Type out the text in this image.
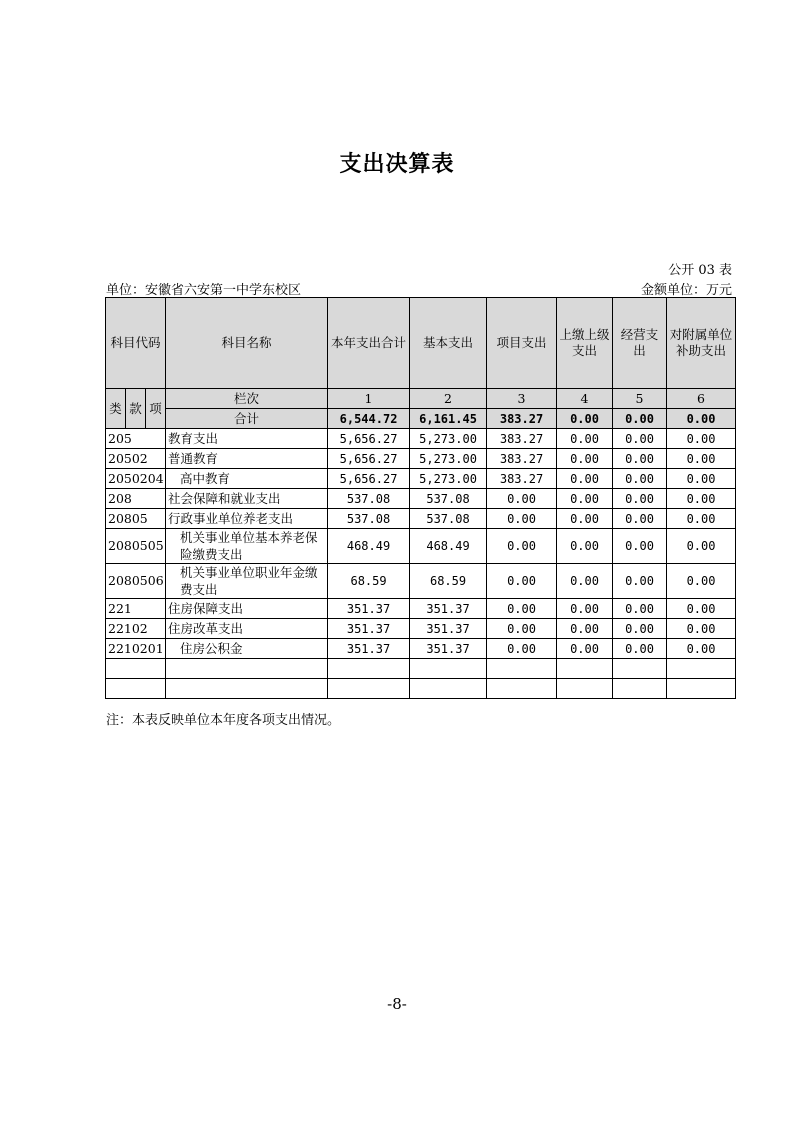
支出决算表
公开 03 表
单位：安徽省六安第一中学东校区	金额单位：万元
科目代码			科目名称	本年支出合计	基本支出	项目支出	上缴上级支出	经营支出	对附属单位补助支出
类	款	项	栏次	1	2	3	4	5	6
			合计	6,544.72	6,161.45	383.27	0.00	0.00	0.00
205			教育支出	5,656.27	5,273.00	383.27	0.00	0.00	0.00
20502			普通教育	5,656.27	5,273.00	383.27	0.00	0.00	0.00
2050204			高中教育	5,656.27	5,273.00	383.27	0.00	0.00	0.00
208			社会保障和就业支出	537.08	537.08	0.00	0.00	0.00	0.00
20805			行政事业单位养老支出	537.08	537.08	0.00	0.00	0.00	0.00
2080505			机关事业单位基本养老保险缴费支出	468.49	468.49	0.00	0.00	0.00	0.00
2080506			机关事业单位职业年金缴费支出	68.59	68.59	0.00	0.00	0.00	0.00
221			住房保障支出	351.37	351.37	0.00	0.00	0.00	0.00
22102			住房改革支出	351.37	351.37	0.00	0.00	0.00	0.00
2210201			住房公积金	351.37	351.37	0.00	0.00	0.00	0.00

注：本表反映单位本年度各项支出情况。
-8-
